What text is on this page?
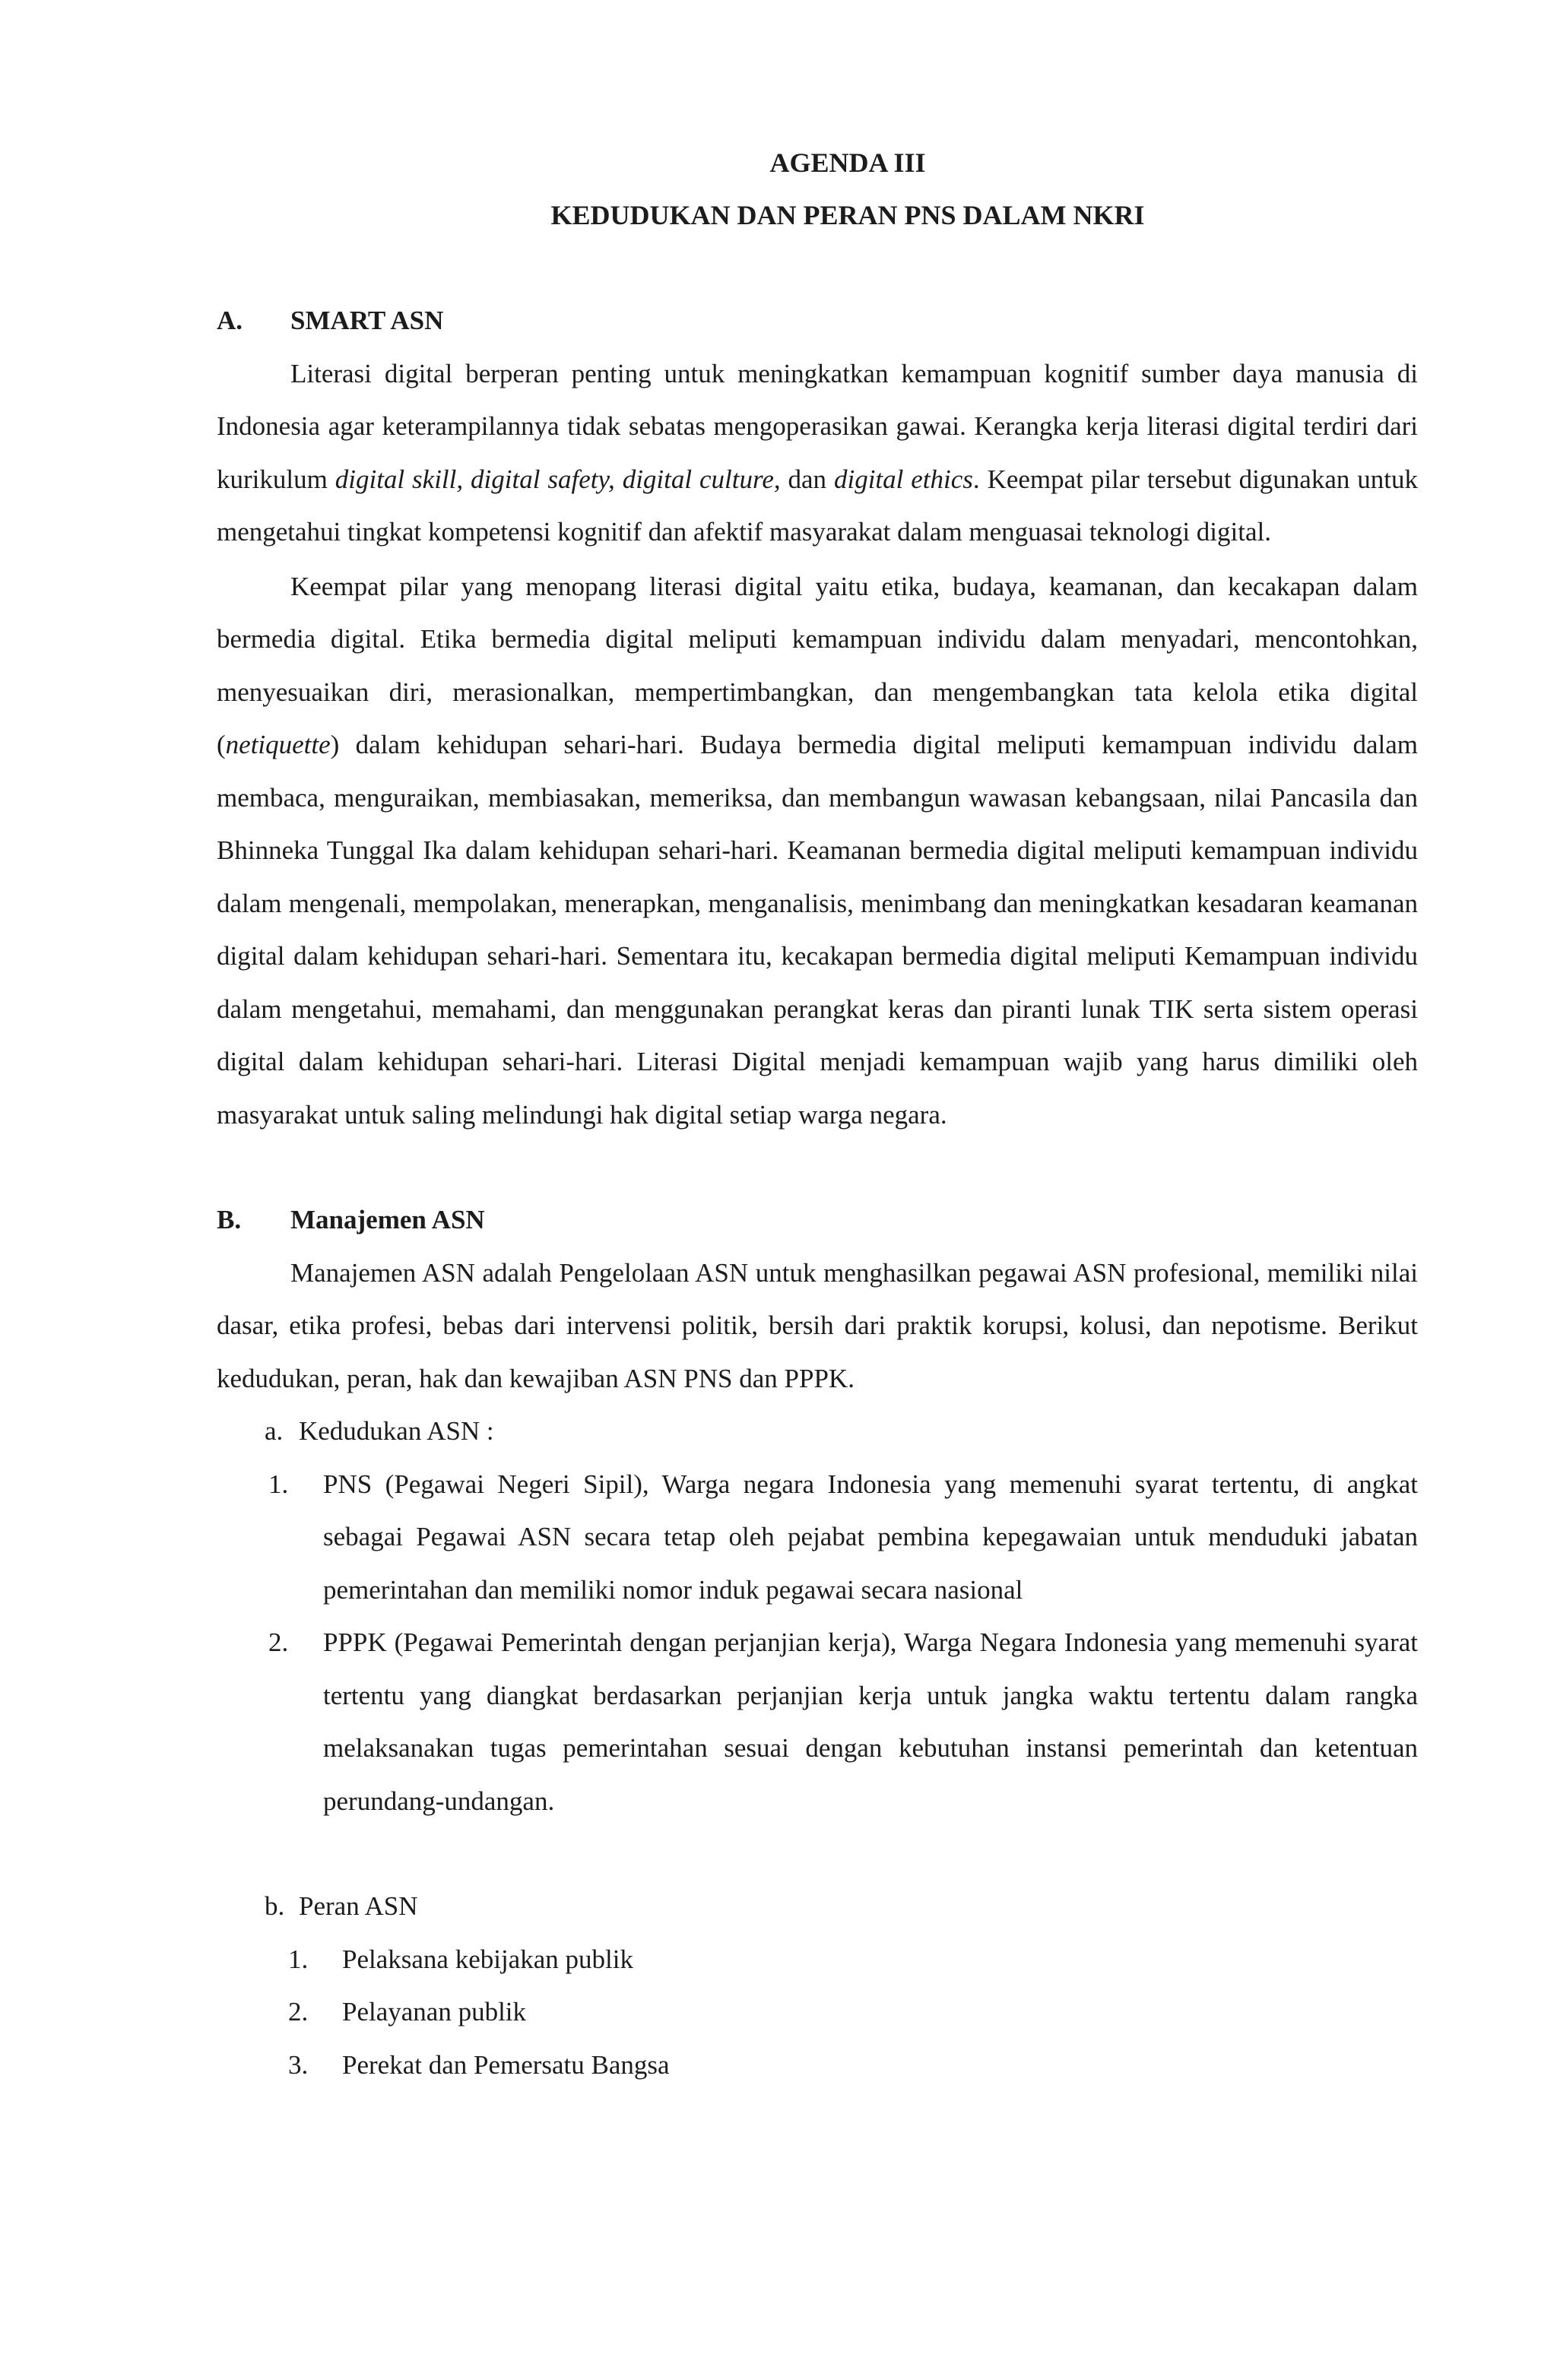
AGENDA III

KEDUDUKAN DAN PERAN PNS DALAM NKRI

A.	SMART ASN

Literasi digital berperan penting untuk meningkatkan kemampuan kognitif sumber daya manusia di Indonesia agar keterampilannya tidak sebatas mengoperasikan gawai. Kerangka kerja literasi digital terdiri dari kurikulum digital skill, digital safety, digital culture, dan digital ethics. Keempat pilar tersebut digunakan untuk mengetahui tingkat kompetensi kognitif dan afektif masyarakat dalam menguasai teknologi digital.

Keempat pilar yang menopang literasi digital yaitu etika, budaya, keamanan, dan kecakapan dalam bermedia digital. Etika bermedia digital meliputi kemampuan individu dalam menyadari, mencontohkan, menyesuaikan diri, merasionalkan, mempertimbangkan, dan mengembangkan tata kelola etika digital (netiquette) dalam kehidupan sehari-hari. Budaya bermedia digital meliputi kemampuan individu dalam membaca, menguraikan, membiasakan, memeriksa, dan membangun wawasan kebangsaan, nilai Pancasila dan Bhinneka Tunggal Ika dalam kehidupan sehari-hari. Keamanan bermedia digital meliputi kemampuan individu dalam mengenali, mempolakan, menerapkan, menganalisis, menimbang dan meningkatkan kesadaran keamanan digital dalam kehidupan sehari-hari. Sementara itu, kecakapan bermedia digital meliputi Kemampuan individu dalam mengetahui, memahami, dan menggunakan perangkat keras dan piranti lunak TIK serta sistem operasi digital dalam kehidupan sehari-hari. Literasi Digital menjadi kemampuan wajib yang harus dimiliki oleh masyarakat untuk saling melindungi hak digital setiap warga negara.

B.	Manajemen ASN

Manajemen ASN adalah Pengelolaan ASN untuk menghasilkan pegawai ASN profesional, memiliki nilai dasar, etika profesi, bebas dari intervensi politik, bersih dari praktik korupsi, kolusi, dan nepotisme. Berikut kedudukan, peran, hak dan kewajiban ASN PNS dan PPPK.

a. Kedudukan ASN :

1.	PNS (Pegawai Negeri Sipil), Warga negara Indonesia yang memenuhi syarat tertentu, di angkat sebagai Pegawai ASN secara tetap oleh pejabat pembina kepegawaian untuk menduduki jabatan pemerintahan dan memiliki nomor induk pegawai secara nasional
2.	PPPK (Pegawai Pemerintah dengan perjanjian kerja), Warga Negara Indonesia yang memenuhi syarat tertentu yang diangkat berdasarkan perjanjian kerja untuk jangka waktu tertentu dalam rangka melaksanakan tugas pemerintahan sesuai dengan kebutuhan instansi pemerintah dan ketentuan perundang-undangan.

b. Peran ASN

1.	Pelaksana kebijakan publik
2.	Pelayanan publik
3.	Perekat dan Pemersatu Bangsa
